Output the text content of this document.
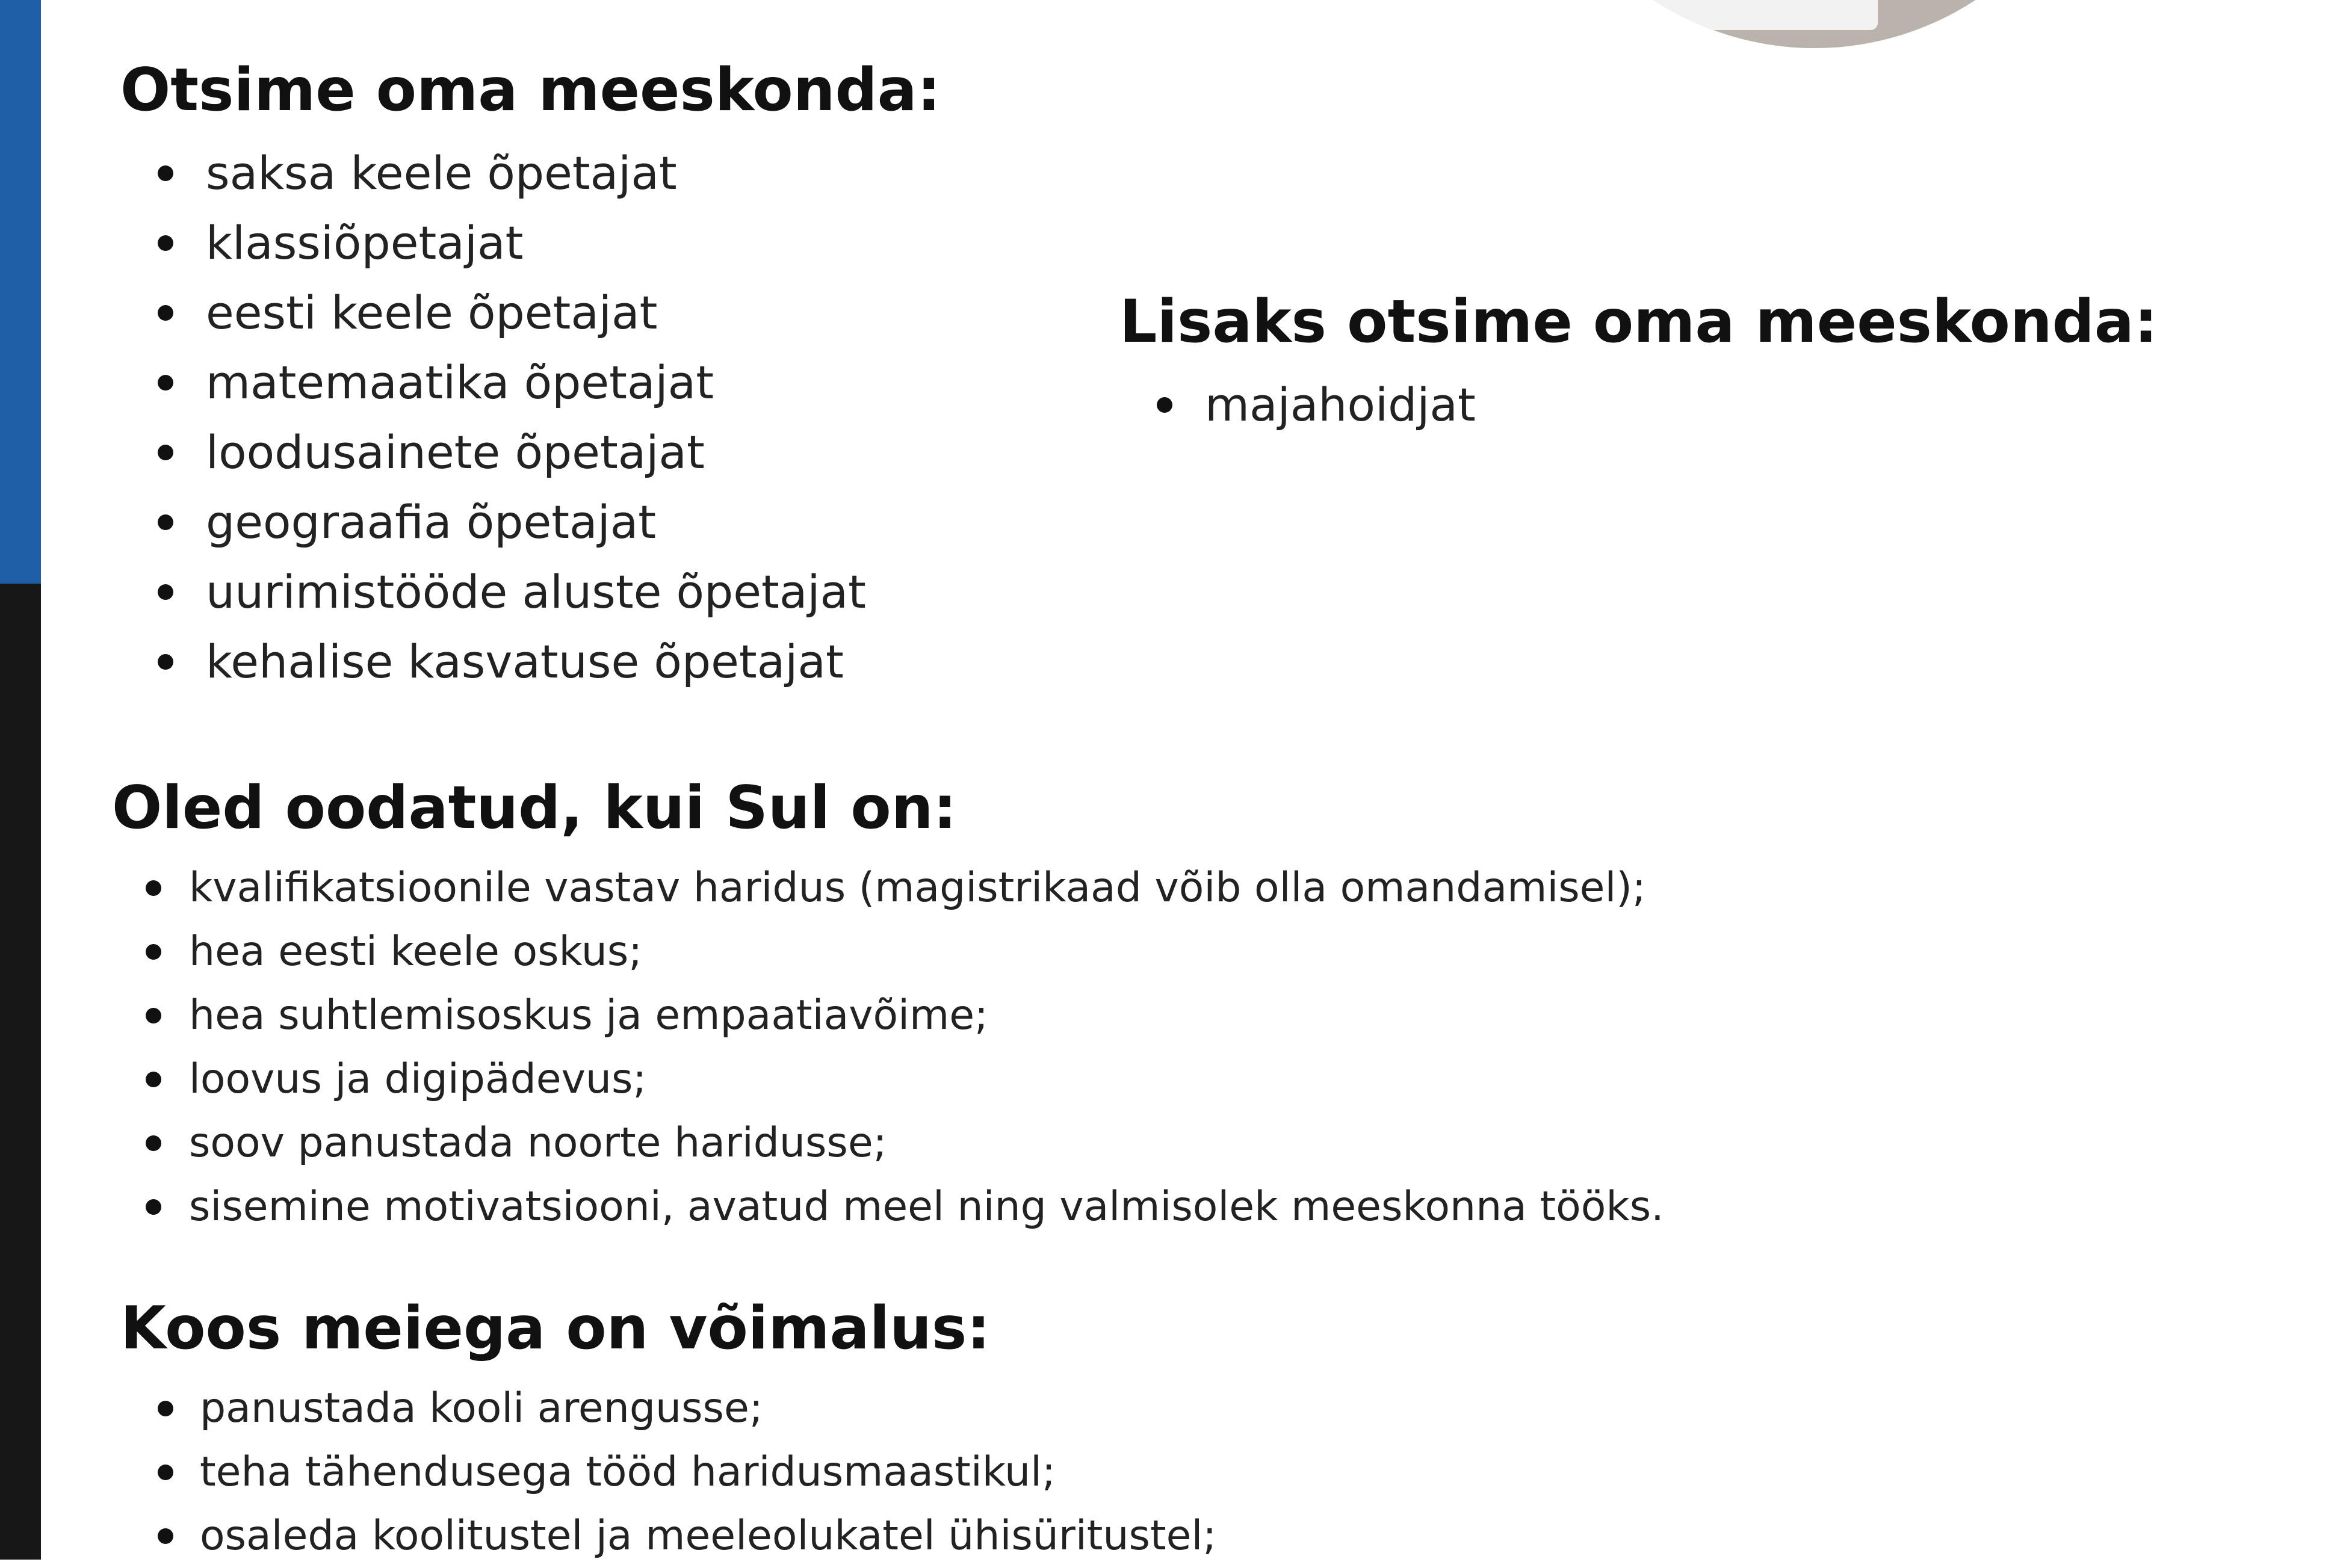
Otsime oma meeskonda:
saksa keele õpetajat
klassiõpetajat
eesti keele õpetajat
matemaatika õpetajat
loodusainete õpetajat
geograafia õpetajat
uurimistööde aluste õpetajat
kehalise kasvatuse õpetajat
Lisaks otsime oma meeskonda:
majahoidjat
Oled oodatud, kui Sul on:
kvalifikatsioonile vastav haridus (magistrikaad võib olla omandamisel);
hea eesti keele oskus;
hea suhtlemisoskus ja empaatiavõime;
loovus ja digipädevus;
soov panustada noorte haridusse;
sisemine motivatsiooni, avatud meel ning valmisolek meeskonna tööks.
Koos meiega on võimalus:
panustada kooli arengusse;
teha tähendusega tööd haridusmaastikul;
osaleda koolitustel ja meeleolukatel ühisüritustel;
